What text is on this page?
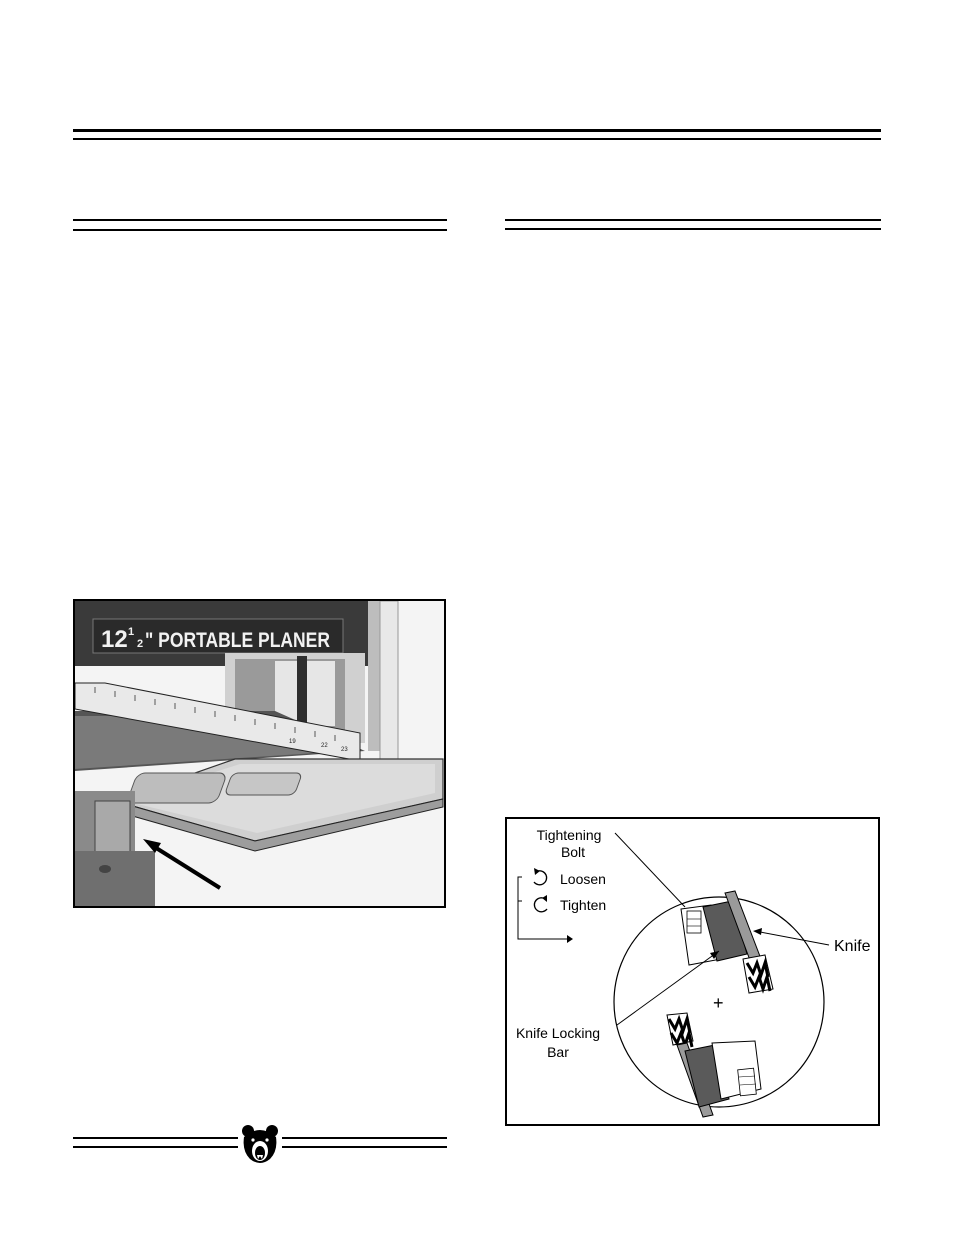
12 1
2 " PORTABLE PLANER
19
22
23
+
Tightening
Bolt
Loosen
Tighten
Knife
Knife Locking
Bar
